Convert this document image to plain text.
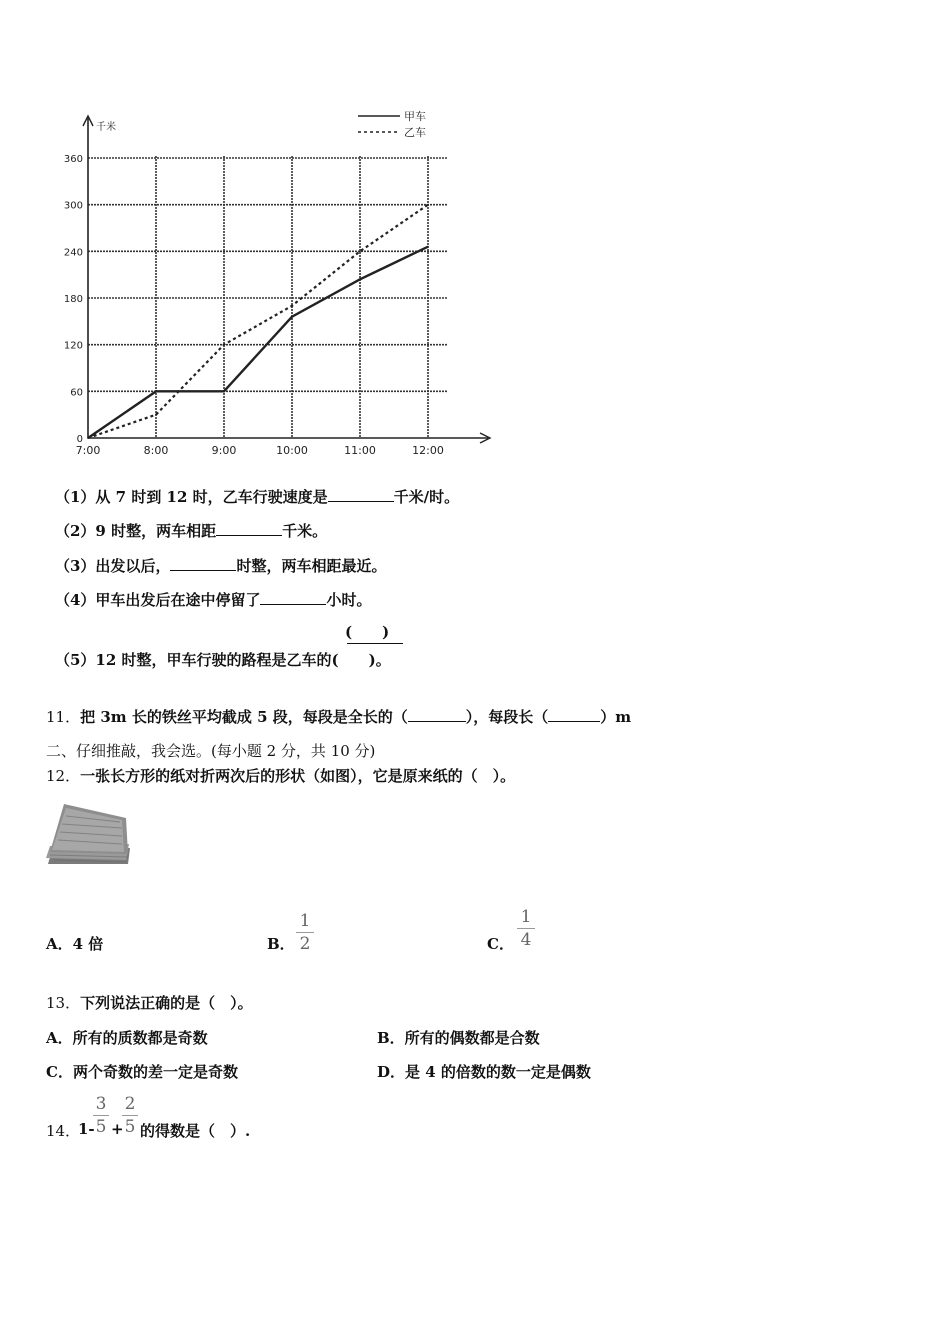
0
60
120
180
240
300
360
7:00	8:00	9:00	10:00	11:00	12:00
千米
甲车
乙车
（1）从 7 时到 12 时，乙车行驶速度是	千米/时。
（2）9 时整，两车相距	千米。
（3）出发以后，	时整，两车相距最近。
（4）甲车出发后在途中停留了	小时。
(　　)
（5）12 时整，甲车行驶的路程是乙车的(　　)。
11．把 3m 长的铁丝平均截成 5 段，每段是全长的（	），每段长（	）m
二、仔细推敲，我会选。(每小题 2 分，共 10 分)
12．一张长方形的纸对折两次后的形状（如图），它是原来纸的（　）。
A．4 倍	B．
1
2	C．
1
4
13．下列说法正确的是（　）。
A．所有的质数都是奇数	B．所有的偶数都是合数
C．两个奇数的差一定是奇数	D．是 4 的倍数的数一定是偶数
14．
1-
3
5 +
2
5 的得数是（　）.
